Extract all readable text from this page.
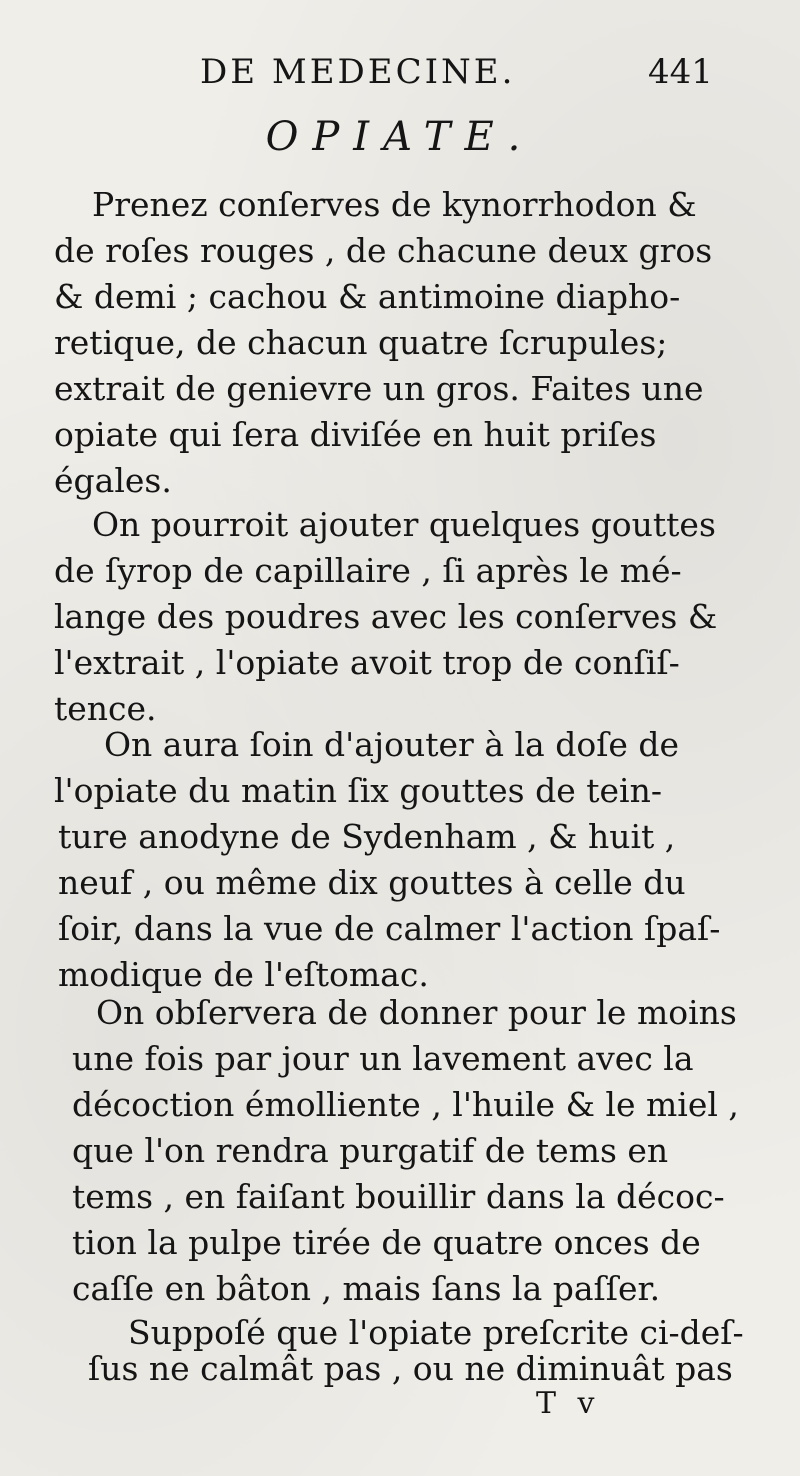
DE MEDECINE.	441
OPIATE.
Prenez conſerves de kynorrhodon &
de roſes rouges , de chacune deux gros
& demi ; cachou & antimoine diapho-
retique, de chacun quatre ſcrupules;
extrait de genievre un gros. Faites une
opiate qui ſera diviſée en huit priſes
égales.
On pourroit ajouter quelques gouttes
de ſyrop de capillaire , ſi après le mé-
lange des poudres avec les conſerves &
l'extrait , l'opiate avoit trop de conſiſ-
tence.
On aura ſoin d'ajouter à la doſe de
l'opiate du matin ſix gouttes de tein-
ture anodyne de Sydenham , & huit ,
neuf , ou même dix gouttes à celle du
ſoir, dans la vue de calmer l'action ſpaſ-
modique de l'eſtomac.
On obſervera de donner pour le moins
une fois par jour un lavement avec la
décoction émolliente , l'huile & le miel ,
que l'on rendra purgatif de tems en
tems , en faiſant bouillir dans la décoc-
tion la pulpe tirée de quatre onces de
caſſe en bâton , mais ſans la paſſer.
Suppoſé que l'opiate preſcrite ci-deſ-
ſus ne calmât pas , ou ne diminuât pas
T v
